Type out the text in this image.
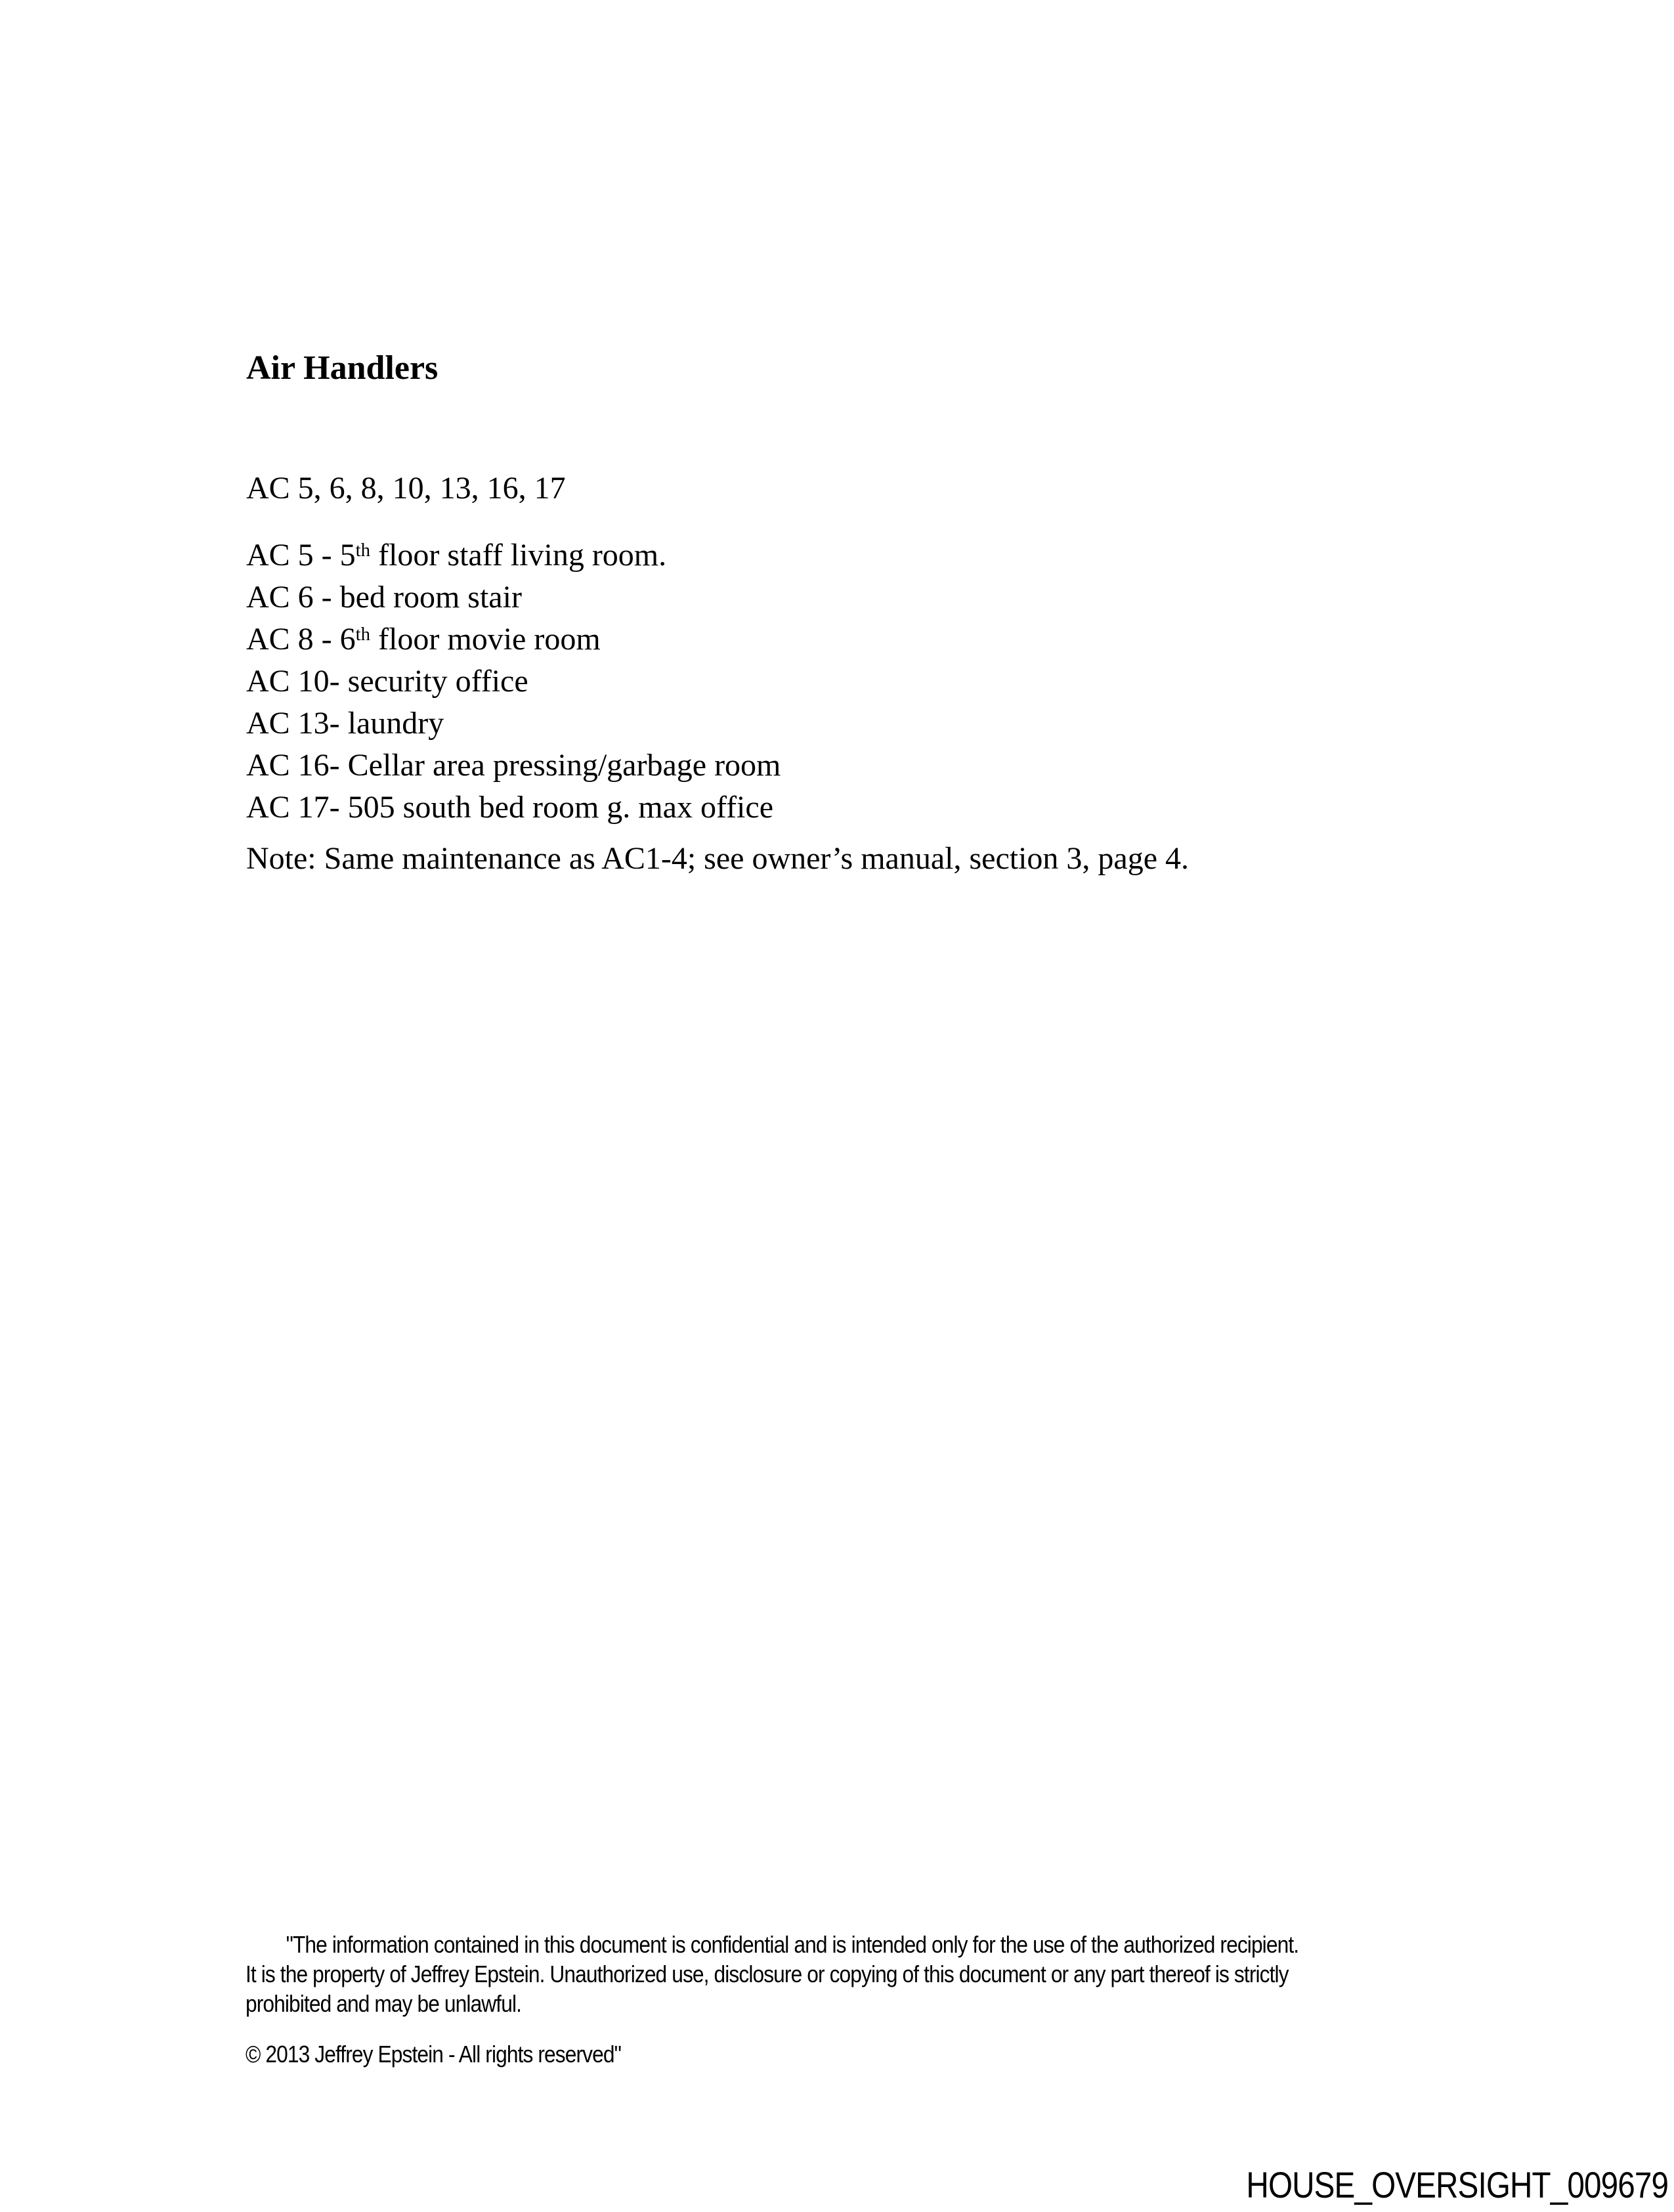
Air Handlers
AC 5, 6, 8, 10, 13, 16, 17
AC 5 - 5th floor staff living room.
AC 6 - bed room stair
AC 8 - 6th floor movie room
AC 10- security office
AC 13- laundry
AC 16- Cellar area pressing/garbage room
AC 17- 505 south bed room g. max office
Note: Same maintenance as AC1-4; see owner’s manual, section 3, page 4.
"The information contained in this document is confidential and is intended only for the use of the authorized recipient.
It is the property of Jeffrey Epstein. Unauthorized use, disclosure or copying of this document or any part thereof is strictly
prohibited and may be unlawful.
© 2013 Jeffrey Epstein - All rights reserved"
HOUSE_OVERSIGHT_009679
